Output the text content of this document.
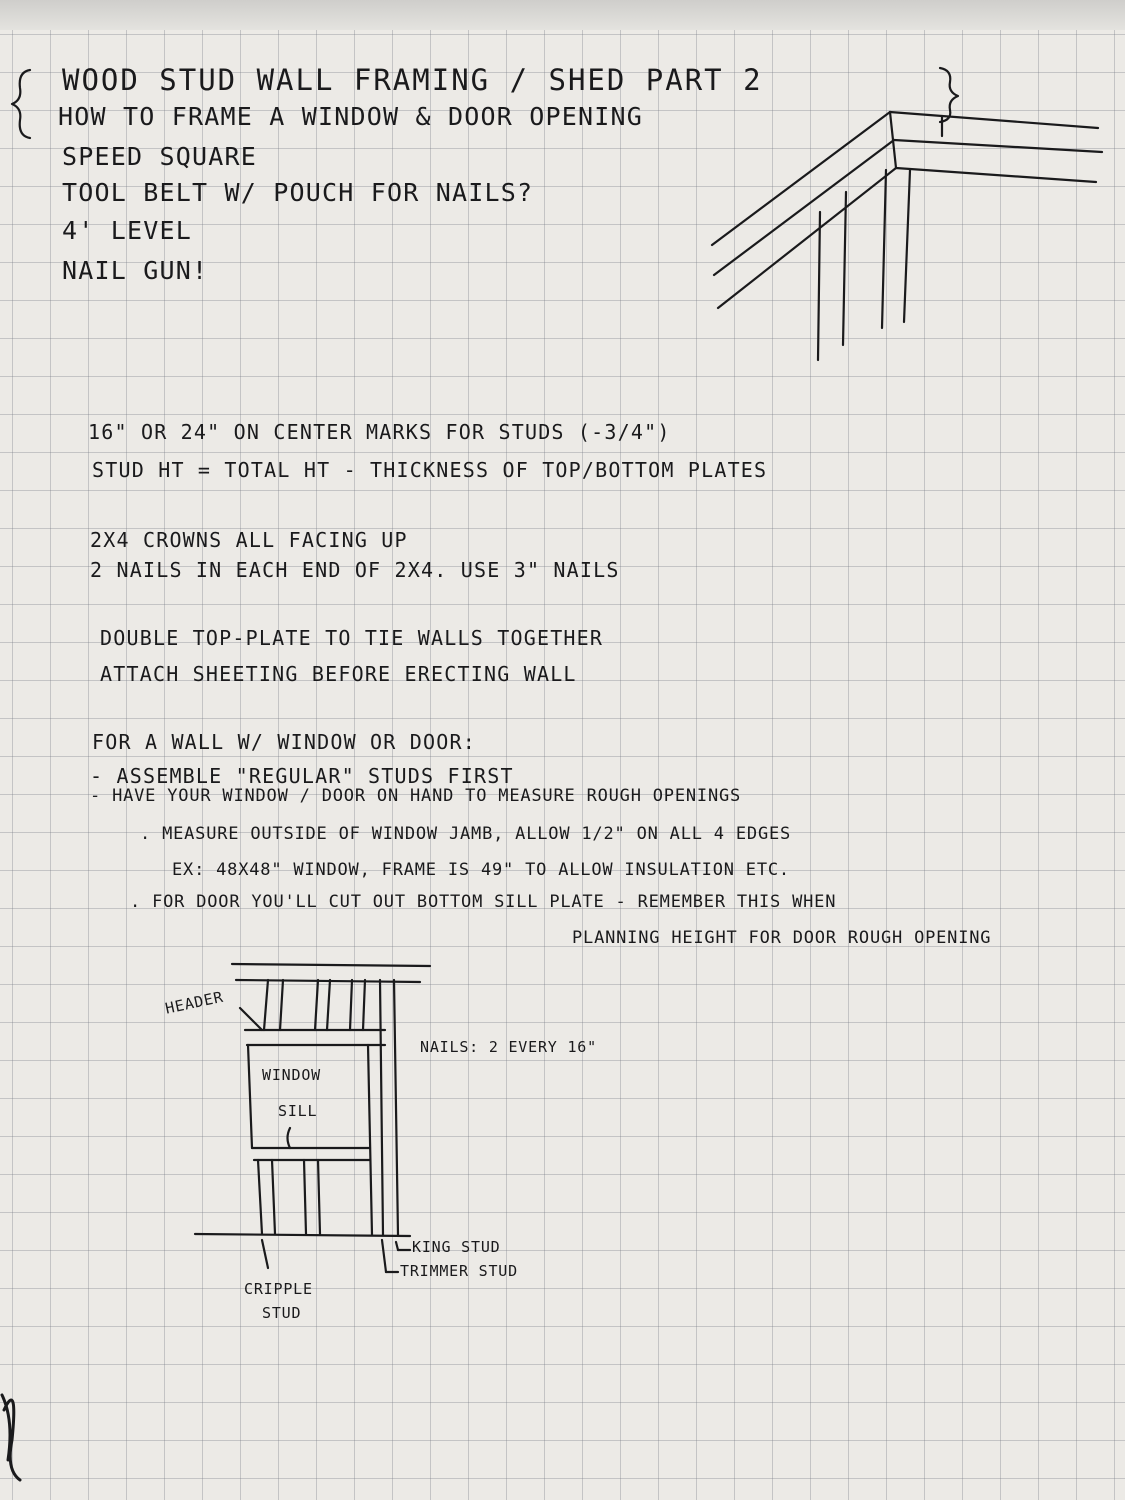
WOOD STUD WALL FRAMING / SHED PART 2
HOW TO FRAME A WINDOW & DOOR OPENING
SPEED SQUARE
TOOL BELT W/ POUCH FOR NAILS?
4' LEVEL
NAIL GUN!
16" OR 24" ON CENTER MARKS FOR STUDS (-3/4")
STUD HT = TOTAL HT - THICKNESS OF TOP/BOTTOM PLATES
2X4 CROWNS ALL FACING UP
2 NAILS IN EACH END OF 2X4. USE 3" NAILS
DOUBLE TOP-PLATE TO TIE WALLS TOGETHER
ATTACH SHEETING BEFORE ERECTING WALL
FOR A WALL W/ WINDOW OR DOOR:
- ASSEMBLE "REGULAR" STUDS FIRST
- HAVE YOUR WINDOW / DOOR ON HAND TO MEASURE ROUGH OPENINGS
. MEASURE OUTSIDE OF WINDOW JAMB, ALLOW 1/2" ON ALL 4 EDGES
EX: 48X48" WINDOW, FRAME IS 49" TO ALLOW INSULATION ETC.
. FOR DOOR YOU'LL CUT OUT BOTTOM SILL PLATE - REMEMBER THIS WHEN
PLANNING HEIGHT FOR DOOR ROUGH OPENING
HEADER
WINDOW
SILL
NAILS: 2 EVERY 16"
KING STUD
TRIMMER STUD
CRIPPLE
STUD
